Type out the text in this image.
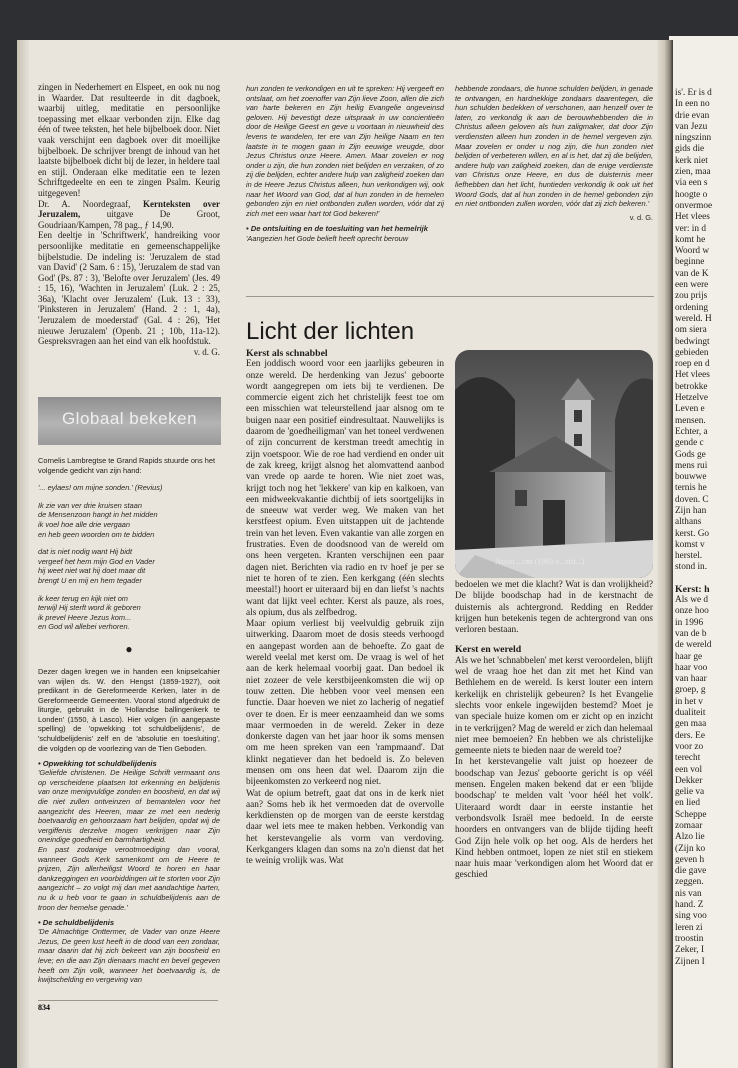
zingen in Nederhemert en Elspeet, en ook nu nog in Waarder. Dat resulteerde in dit dagboek, waarbij uitleg, meditatie en persoonlijke toepassing met elkaar verbonden zijn. Elke dag één of twee teksten, het hele bijbelboek door. Niet vaak verschijnt een dagboek over dit moeilijke bijbelboek. De schrijver brengt de inhoud van het laatste bijbelboek dicht bij de lezer, in heldere taal en stijl. Onderaan elke meditatie een te lezen Schriftgedeelte en een te zingen Psalm. Keurig uitgegeven!

Dr. A. Noordegraaf, Kernteksten over Jeruzalem, uitgave De Groot, Goudriaan/Kampen, 78 pag., ƒ 14,90.

Een deeltje in 'Schriftwerk', handreiking voor persoonlijke meditatie en gemeenschappelijke bijbelstudie. De indeling is: 'Jeruzalem de stad van David' (2 Sam. 6 : 15), 'Jeruzalem de stad van God' (Ps. 87 : 3), 'Belofte over Jeruzalem' (Jes. 49 : 15, 16), 'Wachten in Jeruzalem' (Luk. 2 : 25, 36a), 'Klacht over Jeruzalem' (Luk. 13 : 33), 'Pinksteren in Jeruzalem' (Hand. 2 : 1, 4a), 'Jeruzalem de moederstad' (Gal. 4 : 26), 'Het nieuwe Jeruzalem' (Openb. 21 ; 10b, 11a-12). Gespreksvragen aan het eind van elk hoofdstuk.

v. d. G.

hun zonden te verkondigen en uit te spreken: Hij vergeeft en ontslaat, om het zoenoffer van Zijn lieve Zoon, allen die zich van harte bekeren en Zijn heilig Evangelie ongeveinsd geloven. Hij bevestigt deze uitspraak in uw concientieën door de Heilige Geest en geve u voortaan in nieuwheid des levens te wandelen, ter ere van Zijn heilige Naam en ten laatste in te mogen gaan in Zijn eeuwige vreugde, door Jezus Christus onze Heere. Amen. Maar zovelen er nog onder u zijn, die hun zonden niet belijden en verzaken, of zo zij die belijden, echter andere hulp van zaligheid zoeken dan in de Heere Jezus Christus alleen, hun verkondigen wij, ook naar het Woord van God, dat al hun zonden in de hemelen gebonden zijn en niet ontbonden zullen worden, vóór dat zij zich met een waar hart tot God bekeren!'

• De ontsluiting en de toesluiting van het hemelrijk

'Aangezien het Gode belieft heeft oprecht berouw

hebbende zondaars, die hunne schulden belijden, in genade te ontvangen, en hardnekkige zondaars daarentegen, die hun schulden bedekken of verschonen, aan henzelf over te laten, zo verkondig ik aan de berouwhebbenden die in Christus alleen geloven als hun zaligmaker, dat door Zijn verdiensten alleen hun zonden in de hemel vergeven zijn. Maar zovelen er onder u nog zijn, die hun zonden niet belijden of verbeteren willen, en al is het, dat zij die belijden, andere hulp van zaligheid zoeken, dan de enige verdienste van Christus onze Heere, en dus de duisternis meer liefhebben dan het licht, huntieden verkondig ik ook uit het Woord Gods, dat al hun zonden in de hemel gebonden zijn en niet ontbonden zullen worden, vóór dat zij zich bekeren.'

v. d. G.

Globaal bekeken
Cornelis Lambregtse te Grand Rapids stuurde ons het volgende gedicht van zijn hand:
'... eylaes! om mijne sonden.' (Revius)
Ik zie van ver drie kruisen staan
de Mensenzoon hangt in het midden
ik voel hoe alle drie vergaan
en heb geen woorden om te bidden
dat is niet nodig want Hij bidt
vergeef het hem mijn God en Vader
hij weet niet wat hij doet maar dit
brengt U en mij en hem tegader
ik keer terug en kijk niet om
terwijl Hij sterft word ik geboren
ik prevel Heere Jezus kom...
en God wil allebei verhoren.
●
Dezer dagen kregen we in handen een knipselcahier van wijlen ds. W. den Hengst (1859-1927), ooit predikant in de Gereformeerde Kerken, later in de Gereformeerde Gemeenten. Vooral stond afgedrukt de liturgie, gebruikt in de 'Hollandse ballingenkerk te Londen' (1550, à Lasco). Hier volgen (in aangepaste spelling) de 'opwekking tot schuldbelijdenis', de 'schuldbelijdenis' zelf en de 'absolutie en toesluiting', die volgden op de voorlezing van de Tien Geboden.
• Opwekking tot schuldbelijdenis
'Geliefde christenen. De Heilige Schrift vermaant ons op verscheidene plaatsen tot erkenning en belijdenis van onze menigvuldige zonden en boosheid, en dat wij die niet zullen ontveinzen of bemantelen voor het aangezicht des Heeren, maar ze met een nederig boetvaardig en gehoorzaam hart belijden, opdat wij de vergiffenis derzelve mogen verkrijgen naar Zijn oneindige goedheid en barmhartigheid.
En past zodanige verootmoediging dan vooral, wanneer Gods Kerk samenkomt om de Heere te prijzen, Zijn allerheiligst Woord te horen en haar dankzeggingen en voorbiddingen uit te storten voor Zijn aangezicht – zo volgt mij dan met aandachtige harten, nu ik u heb voor te gaan in schuldbelijdenis aan de troon der hemelse genade.'
• De schuldbelijdenis
'De Almachtige Onttermer, de Vader van onze Heere Jezus, De geen lust heeft in de dood van een zondaar, maar daarin dat hij zich bekeert van zijn boosheid en leve; en die aan Zijn dienaars macht en bevel gegeven heeft om Zijn volk, wanneer het boetvaardig is, de kwijtschelding en vergeving van
834
Licht der lichten
Kerst als schnabbel

Een joddisch woord voor een jaarlijks gebeuren in onze wereld. De herdenking van Jezus' geboorte wordt aangegrepen om iets bij te verdienen. De commercie eigent zich het christelijk feest toe om een misschien wat teleurstellend jaar alsnog om te buigen naar een positief eindresultaat. Nauwelijks is daarom de 'goedheiligman' van het toneel verdwenen of zijn concurrent de kerstman treedt amechtig in zijn voetspoor. Wie de roe had verdiend en onder uit de zak kreeg, krijgt alsnog het alomvattend aanbod van vrede op aarde te horen. Wie niet zoet was, krijgt toch nog het 'lekkere' van kip en kalkoen, van een midweekvakantie dichtbij of iets soortgelijks in de sneeuw wat verder weg. We maken van het kerstfeest opium. Even uitstappen uit de jachtende trein van het leven. Even vakantie van alle zorgen en frustraties. Even de doodsnood van de wereld om ons heen vergeten. Kranten verschijnen een paar dagen niet. Berichten via radio en tv hoef je per se niet te horen of te zien. Een kerkgang (één slechts meestal!) hoort er uiteraard bij en dan liefst 's nachts want dat lijkt veel echter. Kerst als pauze, als roes, als opium, dus als zelfbedrog.

Maar opium verliest bij veelvuldig gebruik zijn uitwerking. Daarom moet de dosis steeds verhoogd en aangepast worden aan de behoefte. Zo gaat de wereld veelal met kerst om. De vraag is wel of het aan de kerk helemaal voorbij gaat. Dan bedoel ik niet zozeer de vele kerstbijeenkomsten die wij op touw zetten. Die hebben voor veel mensen een functie. Daar hoeven we niet zo lacherig of negatief over te doen. Er is meer eenzaamheid dan we soms maar vermoeden in de wereld. Zeker in deze donkerste dagen van het jaar hoor ik soms mensen om me heen spreken van een 'rampmaand'. Dat klinkt negatiever dan het bedoeld is. Zo beleven mensen om ons heen dat wel. Daarom zijn die bijeenkomsten zo verkeerd nog niet.

Wat de opium betreft, gaat dat ons in de kerk niet aan? Soms heb ik het vermoeden dat de overvolle kerkdiensten op de morgen van de eerste kerstdag daar wel iets mee te maken hebben. Verkondig van het kerstevangelie als vorm van verdoving. Kerkgangers klagen dan soms na zo'n dienst dat het te weinig vrolijk was. Wat

Assisi ...ran (1995 e...erti...)

bedoelen we met die klacht? Wat is dan vrolijkheid? De blijde boodschap had in de kerstnacht de duisternis als achtergrond. Redding en Redder krijgen hun betekenis tegen de achtergrond van ons verloren bestaan.

Kerst en wereld

Als we het 'schnabbelen' met kerst veroordelen, blijft wel de vraag hoe het dan zit met het Kind van Bethlehem en de wereld. Is kerst louter een intern kerkelijk en christelijk gebeuren? Is het Evangelie slechts voor enkele ingewijden bestemd? Moet je van speciale huize komen om er zicht op en inzicht in te verkrijgen? Mag de wereld er zich dan helemaal niet mee bemoeien? En hebben we als christelijke gemeente niets te bieden naar de wereld toe?

In het kerstevangelie valt juist op hoezeer de boodschap van Jezus' geboorte gericht is op véél mensen. Engelen maken bekend dat er een 'blijde boodschap' te melden valt 'voor héél het volk'. Uiteraard wordt daar in eerste instantie het verbondsvolk Israël mee bedoeld. In de eerste hoorders en ontvangers van de blijde tijding heeft God Zijn hele volk op het oog. Als de herders het Kind hebben ontmoet, lopen ze niet stil en stiekem naar huis maar 'verkondigen alom het Woord dat er geschied

is'. Er is d

In een no

drie evan

van Jezu

ningszinn

gids die

kerk niet

zien, maa

via een s

hoogte o

onvermoe

Het vlees

ver: in d

komt he

Woord w

beginne

van de K

een were

zou prijs

ordening

wereld. H

om siera

bedwingt

gebieden

roep en d

Het vlees

betrokke

Hetzelve

Leven e

mensen.

Echter, a

gende c

Gods ge

mens rui

bouwwe

ternis he

doven. C

Zijn han

althans

kerst. Go

komst v

herstel.

stond in.

Kerst: h

Als we d

onze hoo

in 1996

van de b

de wereld

haar ge

haar voo

van haar

groep, g

in het v

dualiteit

gen maa

ders. Ee

voor zo

terecht

een vol

Dekker

gelie va

en lied

Scheppe

zomaar

Alzo lie

(Zijn ko

geven h

die gave

zeggen.

nis van

hand. Z

sing voo

leren zi

troostin

Zeker, I

Zijnen I
